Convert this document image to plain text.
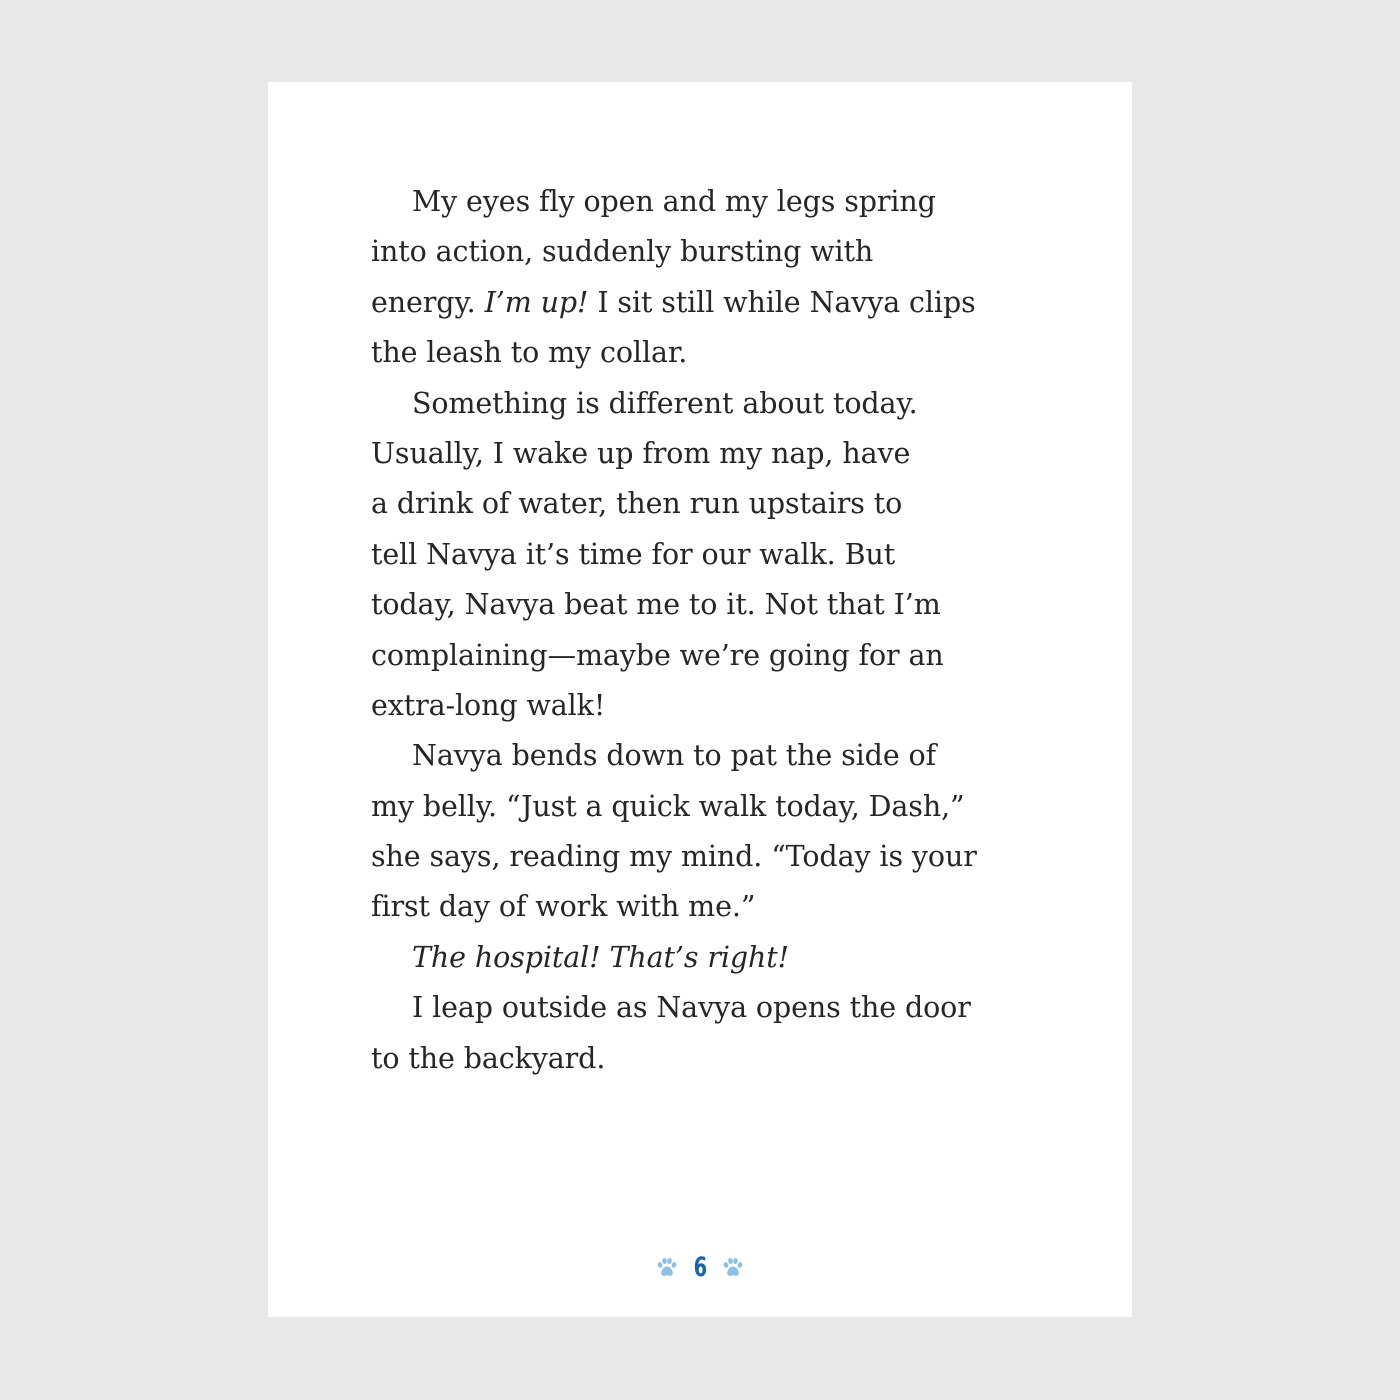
My eyes fly open and my legs spring
into action, suddenly bursting with
energy. I’m up! I sit still while Navya clips
the leash to my collar.
Something is different about today.
Usually, I wake up from my nap, have
a drink of water, then run upstairs to
tell Navya it’s time for our walk. But
today, Navya beat me to it. Not that I’m
complaining—maybe we’re going for an
extra-long walk!
Navya bends down to pat the side of
my belly. “Just a quick walk today, Dash,”
she says, reading my mind. “Today is your
first day of work with me.”
The hospital! That’s right!
I leap outside as Navya opens the door
to the backyard.
6
